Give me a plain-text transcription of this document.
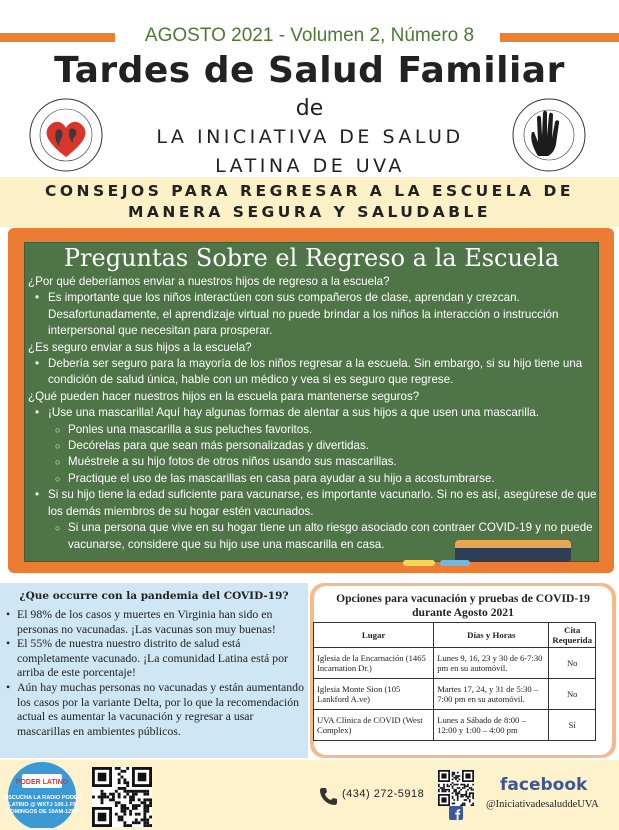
AGOSTO 2021 - Volumen 2, Número 8
Tardes de Salud Familiar
de
LA INICIATIVA DE SALUD
LATINA DE UVA
CONSEJOS PARA REGRESAR A LA ESCUELA DE
MANERA SEGURA Y SALUDABLE
Preguntas Sobre el Regreso a la Escuela
¿Por qué deberíamos enviar a nuestros hijos de regreso a la escuela?
• Es importante que los niños interactúen con sus compañeros de clase, aprendan y crezcan. Desafortunadamente, el aprendizaje virtual no puede brindar a los niños la interacción o instrucción interpersonal que necesitan para prosperar.
¿Es seguro enviar a sus hijos a la escuela?
• Debería ser seguro para la mayoría de los niños regresar a la escuela. Sin embargo, si su hijo tiene una condición de salud única, hable con un médico y vea si es seguro que regrese.
¿Qué pueden hacer nuestros hijos en la escuela para mantenerse seguros?
• ¡Use una mascarilla! Aquí hay algunas formas de alentar a sus hijos a que usen una mascarilla.
○ Ponles una mascarilla a sus peluches favoritos.
○ Decórelas para que sean más personalizadas y divertidas.
○ Muéstrele a su hijo fotos de otros niños usando sus mascarillas.
○ Practique el uso de las mascarillas en casa para ayudar a su hijo a acostumbrarse.
• Si su hijo tiene la edad suficiente para vacunarse, es importante vacunarlo. Si no es así, asegúrese de que los demás miembros de su hogar estén vacunados.
○ Si una persona que vive en su hogar tiene un alto riesgo asociado con contraer COVID-19 y no puede vacunarse, considere que su hijo use una mascarilla en casa.
¿Que occurre con la pandemia del COVID-19?
• El 98% de los casos y muertes en Virginia han sido en personas no vacunadas. ¡Las vacunas son muy buenas!
• El 55% de nuestra nuestro distrito de salud está completamente vacunado. ¡La comunidad Latina está por arriba de este porcentaje!
• Aún hay muchas personas no vacunadas y están aumentando los casos por la variante Delta, por lo que la recomendación actual es aumentar la vacunación y regresar a usar mascarillas en ambientes públicos.
Opciones para vacunación y pruebas de COVID-19
durante Agosto 2021
Lugar	Días y Horas	Cita Requerida
Iglesia de la Encarnación (1465 Incarnation Dr.)	Lunes 9, 16, 23 y 30 de 6-7:30 pm en su automóvil.	No
Iglesia Monte Sion (105 Lankford A.ve)	Martes 17, 24, y 31 de 5:30 – 7:00 pm en su automóvil.	No
UVA Clínica de COVID (West Complex)	Lunes a Sábado de 8:00 – 12:00 y 1:00 – 4:00 pm	Sí
PODER LATINO
ESCUCHA LA RADIO PODER LATINO @ WXTJ 100.1 FM DOMINGOS DE 10AM-12PM
(434) 272-5918	facebook
@IniciativadesaluddeUVA
